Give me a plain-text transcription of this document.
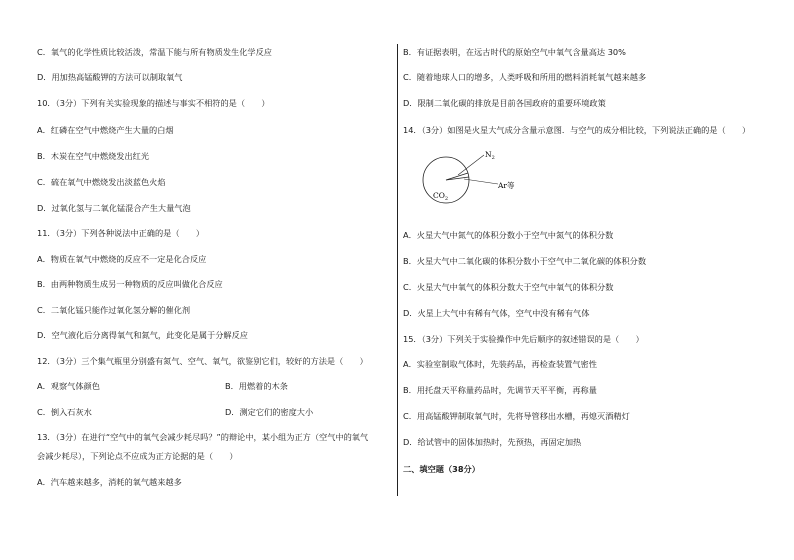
C．氧气的化学性质比较活泼，常温下能与所有物质发生化学反应
D．用加热高锰酸钾的方法可以制取氧气
10．（3分）下列有关实验现象的描述与事实不相符的是（　　）
A．红磷在空气中燃烧产生大量的白烟
B．木炭在空气中燃烧发出红光
C．硫在氧气中燃烧发出淡蓝色火焰
D．过氧化氢与二氧化锰混合产生大量气泡
11．（3分）下列各种说法中正确的是（　　）
A．物质在氧气中燃烧的反应不一定是化合反应
B．由两种物质生成另一种物质的反应叫做化合反应
C．二氧化锰只能作过氧化氢分解的催化剂
D．空气液化后分离得氧气和氮气，此变化是属于分解反应
12．（3分）三个集气瓶里分别盛有氮气、空气、氧气，欲鉴别它们，较好的方法是（　　）
A．观察气体颜色	B．用燃着的木条
C．倒入石灰水	D．测定它们的密度大小
13．（3分）在进行“空气中的氧气会减少耗尽吗？”的辩论中，某小组为正方（空气中的氧气
会减少耗尽），下列论点不应成为正方论据的是（　　）
A．汽车越来越多，消耗的氧气越来越多
B．有证据表明，在远古时代的原始空气中氧气含量高达 30%
C．随着地球人口的增多，人类呼吸和所用的燃料消耗氧气越来越多
D．限制二氧化碳的排放是目前各国政府的重要环境政策
14．（3分）如图是火星大气成分含量示意图．与空气的成分相比较，下列说法正确的是（　　）
A．火星大气中氮气的体积分数小于空气中氮气的体积分数
B．火星大气中二氧化碳的体积分数小于空气中二氧化碳的体积分数
C．火星大气中氧气的体积分数大于空气中氧气的体积分数
D．火星上大气中有稀有气体，空气中没有稀有气体
15．（3分）下列关于实验操作中先后顺序的叙述错误的是（　　）
A．实验室制取气体时，先装药品，再检查装置气密性
B．用托盘天平称量药品时，先调节天平平衡，再称量
C．用高锰酸钾制取氧气时，先将导管移出水槽，再熄灭酒精灯
D．给试管中的固体加热时，先预热，再固定加热
二、填空题（38分）
$N_2$
Ar等
$CO_2$
